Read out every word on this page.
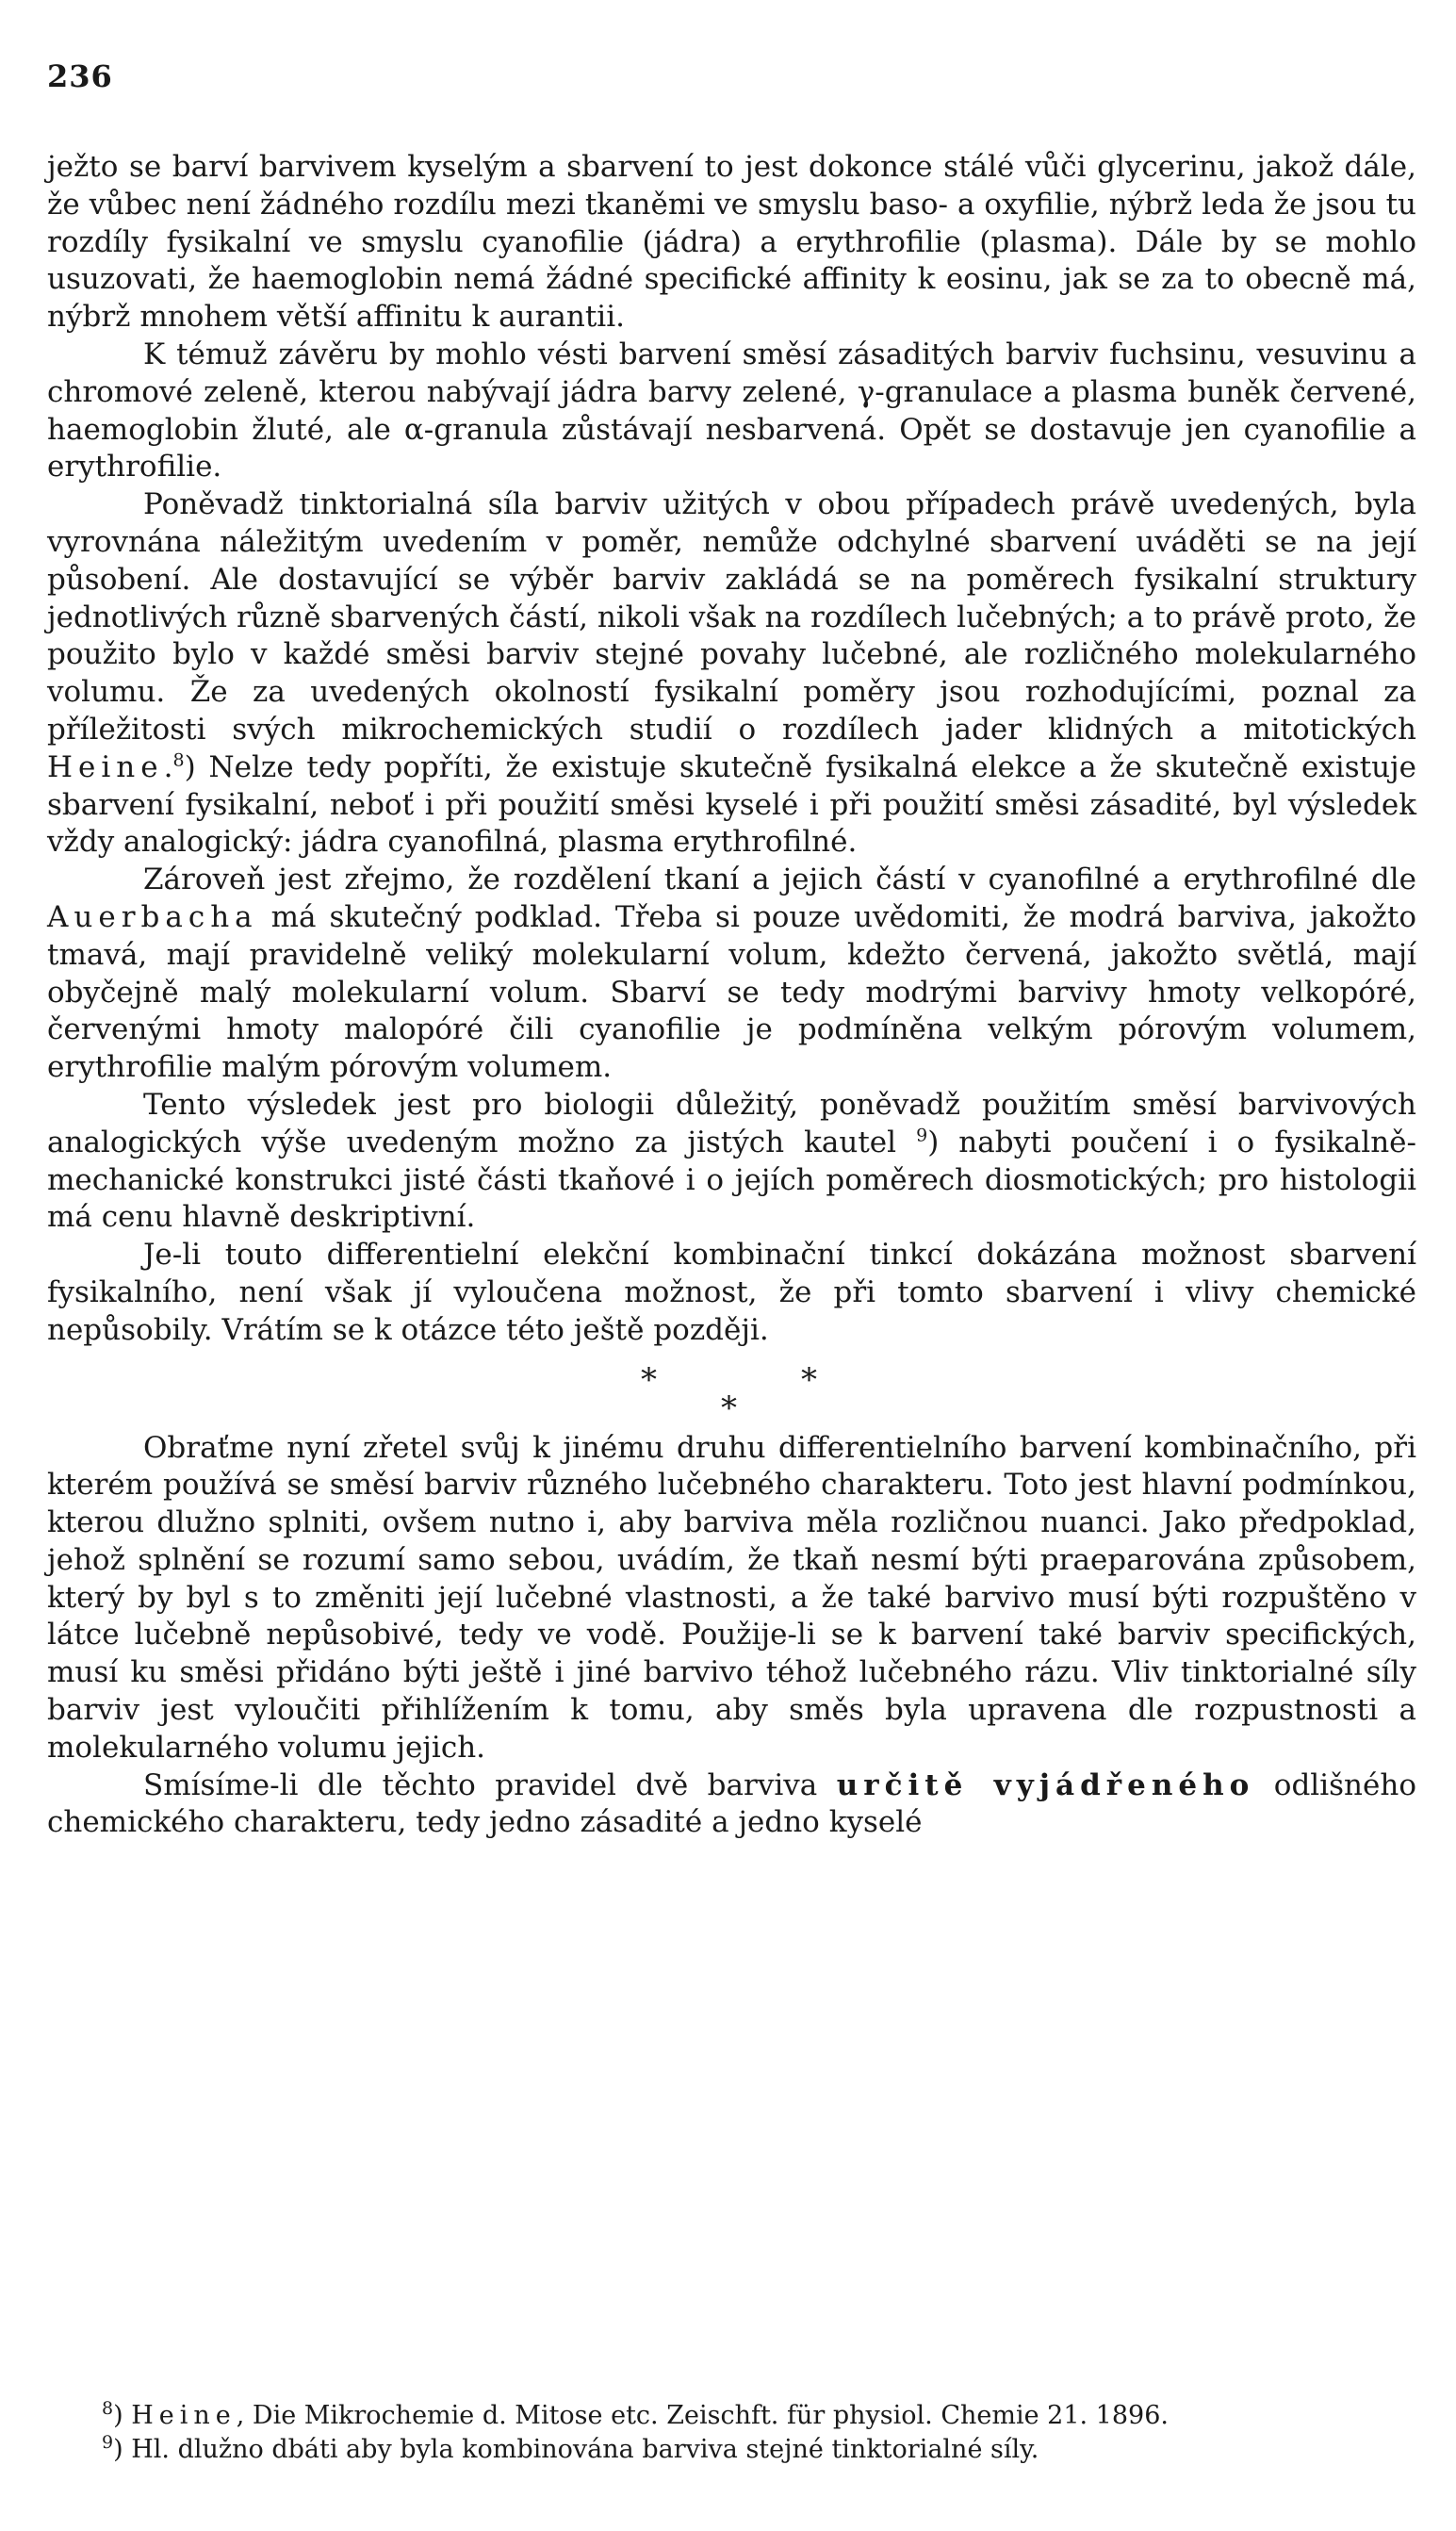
236

ježto se barví barvivem kyselým a sbarvení to jest dokonce stálé vůči glycerinu, jakož dále, že vůbec není žádného rozdílu mezi tkaněmi ve smyslu baso- a oxyfilie, nýbrž leda že jsou tu rozdíly fysikalní ve smyslu cyanofilie (jádra) a erythrofilie (plasma). Dále by se mohlo usuzovati, že haemoglobin nemá žádné specifické affinity k eosinu, jak se za to obecně má, nýbrž mnohem větší affinitu k aurantii.

K témuž závěru by mohlo vésti barvení směsí zásaditých barviv fuchsinu, vesuvinu a chromové zeleně, kterou nabývají jádra barvy zelené, γ-granulace a plasma buněk červené, haemoglobin žluté, ale α-granula zůstávají nesbarvená. Opět se dostavuje jen cyanofilie a erythrofilie.

Poněvadž tinktorialná síla barviv užitých v obou případech právě uvedených, byla vyrovnána náležitým uvedením v poměr, nemůže odchylné sbarvení uváděti se na její působení. Ale dostavující se výběr barviv zakládá se na poměrech fysikalní struktury jednotlivých různě sbarvených částí, nikoli však na rozdílech lučebných; a to právě proto, že použito bylo v každé směsi barviv stejné povahy lučebné, ale rozličného molekularného volumu. Že za uvedených okolností fysikalní poměry jsou rozhodujícími, poznal za příležitosti svých mikrochemických studií o rozdílech jader klidných a mitotických Heine.$^8$) Nelze tedy popříti, že existuje skutečně fysikalná elekce a že skutečně existuje sbarvení fysikalní, neboť i při použití směsi kyselé i při použití směsi zásadité, byl výsledek vždy analogický: jádra cyanofilná, plasma erythrofilné.

Zároveň jest zřejmo, že rozdělení tkaní a jejich částí v cyanofilné a erythrofilné dle Auerbacha má skutečný podklad. Třeba si pouze uvědomiti, že modrá barviva, jakožto tmavá, mají pravidelně veliký molekularní volum, kdežto červená, jakožto světlá, mají obyčejně malý molekularní volum. Sbarví se tedy modrými barvivy hmoty velkopóré, červenými hmoty malopóré čili cyanofilie je podmíněna velkým pórovým volumem, erythrofilie malým pórovým volumem.

Tento výsledek jest pro biologii důležitý, poněvadž použitím směsí barvivových analogických výše uvedeným možno za jistých kautel $^9$) nabyti poučení i o fysikalně-mechanické konstrukci jisté části tkaňové i o jejích poměrech diosmotických; pro histologii má cenu hlavně deskriptivní.

Je-li touto differentielní elekční kombinační tinkcí dokázána možnost sbarvení fysikalního, není však jí vyloučena možnost, že při tomto sbarvení i vlivy chemické nepůsobily. Vrátím se k otázce této ještě později.

*	*
*

Obraťme nyní zřetel svůj k jinému druhu differentielního barvení kombinačního, při kterém používá se směsí barviv různého lučebného charakteru. Toto jest hlavní podmínkou, kterou dlužno splniti, ovšem nutno i, aby barviva měla rozličnou nuanci. Jako předpoklad, jehož splnění se rozumí samo sebou, uvádím, že tkaň nesmí býti praeparována způsobem, který by byl s to změniti její lučebné vlastnosti, a že také barvivo musí býti rozpuštěno v látce lučebně nepůsobivé, tedy ve vodě. Použije-li se k barvení také barviv specifických, musí ku směsi přidáno býti ještě i jiné barvivo téhož lučebného rázu. Vliv tinktorialné síly barviv jest vyloučiti přihlížením k tomu, aby směs byla upravena dle rozpustnosti a molekularného volumu jejich.

Smísíme-li dle těchto pravidel dvě barviva určitě vyjádřeného odlišného chemického charakteru, tedy jedno zásadité a jedno kyselé

$^8$) Heine, Die Mikrochemie d. Mitose etc. Zeischft. für physiol. Chemie 21. 1896.

$^9$) Hl. dlužno dbáti aby byla kombinována barviva stejné tinktorialné síly.
